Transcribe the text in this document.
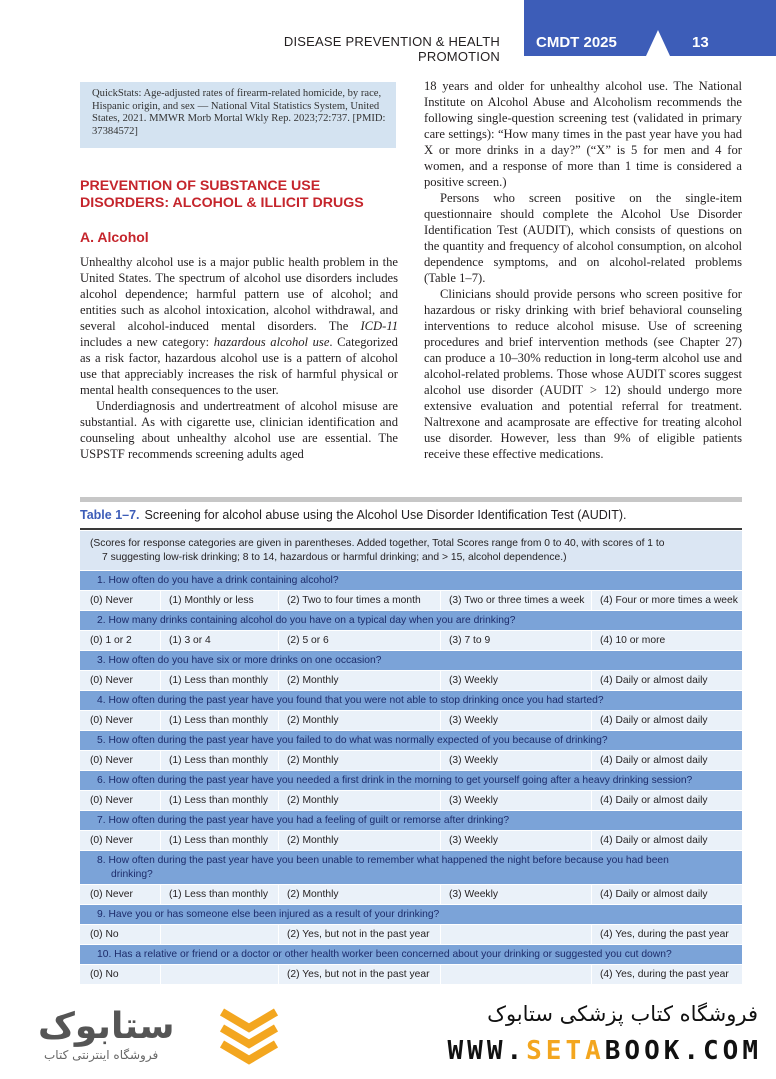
DISEASE PREVENTION & HEALTH PROMOTION
CMDT 2025	13
QuickStats: Age-adjusted rates of firearm-related homicide, by race, Hispanic origin, and sex — National Vital Statistics System, United States, 2021. MMWR Morb Mortal Wkly Rep. 2023;72:737. [PMID: 37384572]
PREVENTION OF SUBSTANCE USE DISORDERS: ALCOHOL & ILLICIT DRUGS
A. Alcohol

Unhealthy alcohol use is a major public health problem in the United States. The spectrum of alcohol use disorders includes alcohol dependence; harmful pattern use of alcohol; and entities such as alcohol intoxication, alcohol withdrawal, and several alcohol-induced mental disorders. The ICD-11 includes a new category: hazardous alcohol use. Categorized as a risk factor, hazardous alcohol use is a pattern of alcohol use that appreciably increases the risk of harmful physical or mental health consequences to the user.

Underdiagnosis and undertreatment of alcohol misuse are substantial. As with cigarette use, clinician identification and counseling about unhealthy alcohol use are essential. The USPSTF recommends screening adults aged

18 years and older for unhealthy alcohol use. The National Institute on Alcohol Abuse and Alcoholism recommends the following single-question screening test (validated in primary care settings): “How many times in the past year have you had X or more drinks in a day?” (“X” is 5 for men and 4 for women, and a response of more than 1 time is considered a positive screen.)

Persons who screen positive on the single-item questionnaire should complete the Alcohol Use Disorder Identification Test (AUDIT), which consists of questions on the quantity and frequency of alcohol consumption, on alcohol dependence symptoms, and on alcohol-related problems (Table 1–7).

Clinicians should provide persons who screen positive for hazardous or risky drinking with brief behavioral counseling interventions to reduce alcohol misuse. Use of screening procedures and brief intervention methods (see Chapter 27) can produce a 10–30% reduction in long-term alcohol use and alcohol-related problems. Those whose AUDIT scores suggest alcohol use disorder (AUDIT > 12) should undergo more extensive evaluation and potential referral for treatment. Naltrexone and acamprosate are effective for treating alcohol use disorder. However, less than 9% of eligible patients receive these effective medications.

Table 1–7. Screening for alcohol abuse using the Alcohol Use Disorder Identification Test (AUDIT).
(Scores for response categories are given in parentheses. Added together, Total Scores range from 0 to 40, with scores of 1 to
7 suggesting low-risk drinking; 8 to 14, hazardous or harmful drinking; and > 15, alcohol dependence.)
1. How often do you have a drink containing alcohol?
(0) Never	(1) Monthly or less	(2) Two to four times a month	(3) Two or three times a week (4) Four or more times a week
2. How many drinks containing alcohol do you have on a typical day when you are drinking?
(0) 1 or 2	(1) 3 or 4	(2) 5 or 6	(3) 7 to 9	(4) 10 or more
3. How often do you have six or more drinks on one occasion?
(0) Never	(1) Less than monthly (2) Monthly	(3) Weekly	(4) Daily or almost daily
4. How often during the past year have you found that you were not able to stop drinking once you had started?
(0) Never	(1) Less than monthly (2) Monthly	(3) Weekly	(4) Daily or almost daily
5. How often during the past year have you failed to do what was normally expected of you because of drinking?
(0) Never	(1) Less than monthly (2) Monthly	(3) Weekly	(4) Daily or almost daily
6. How often during the past year have you needed a first drink in the morning to get yourself going after a heavy drinking session?
(0) Never	(1) Less than monthly (2) Monthly	(3) Weekly	(4) Daily or almost daily
7. How often during the past year have you had a feeling of guilt or remorse after drinking?
(0) Never	(1) Less than monthly (2) Monthly	(3) Weekly	(4) Daily or almost daily
8. How often during the past year have you been unable to remember what happened the night before because you had been
drinking?
(0) Never	(1) Less than monthly (2) Monthly	(3) Weekly	(4) Daily or almost daily
9. Have you or has someone else been injured as a result of your drinking?
(0) No	(2) Yes, but not in the past year	(4) Yes, during the past year
10. Has a relative or friend or a doctor or other health worker been concerned about your drinking or suggested you cut down?
(0) No	(2) Yes, but not in the past year	(4) Yes, during the past year
ستابوک
فروشگاه اینترنتی کتاب
فروشگاه کتاب پزشکی ستابوک
WWW.SETABOOK.COM
